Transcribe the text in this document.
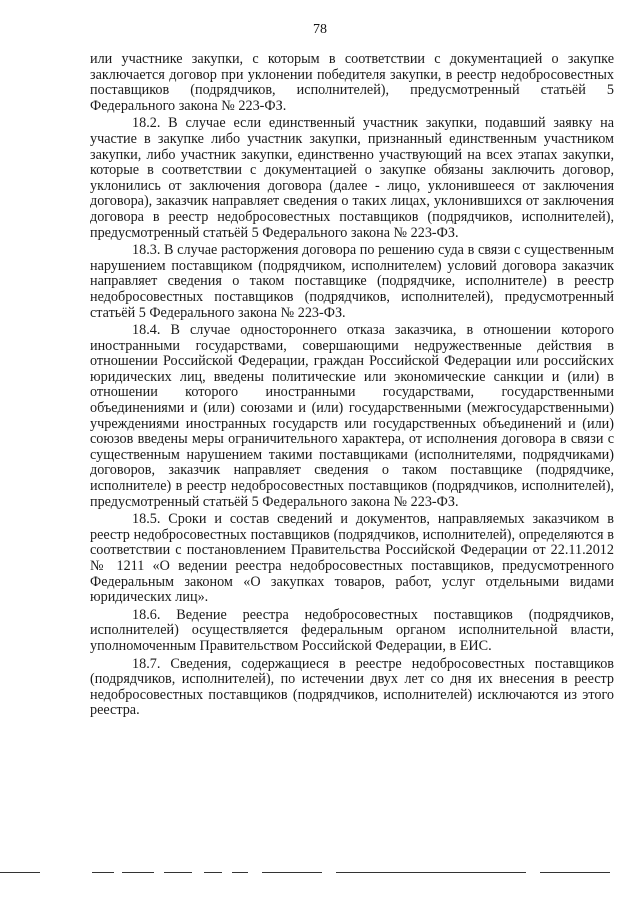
78

или участнике закупки, с которым в соответствии с документацией о закупке заключается договор при уклонении победителя закупки, в реестр недобросовестных поставщиков (подрядчиков, исполнителей), предусмотренный статьёй 5 Федерального закона № 223-ФЗ.

18.2. В случае если единственный участник закупки, подавший заявку на участие в закупке либо участник закупки, признанный единственным участником закупки, либо участник закупки, единственно участвующий на всех этапах закупки, которые в соответствии с документацией о закупке обязаны заключить договор, уклонились от заключения договора (далее - лицо, уклонившееся от заключения договора), заказчик направляет сведения о таких лицах, уклонившихся от заключения договора в реестр недобросовестных поставщиков (подрядчиков, исполнителей), предусмотренный статьёй 5 Федерального закона № 223-ФЗ.

18.3. В случае расторжения договора по решению суда в связи с существенным нарушением поставщиком (подрядчиком, исполнителем) условий договора заказчик направляет сведения о таком поставщике (подрядчике, исполнителе) в реестр недобросовестных поставщиков (подрядчиков, исполнителей), предусмотренный статьёй 5 Федерального закона № 223-ФЗ.

18.4. В случае одностороннего отказа заказчика, в отношении которого иностранными государствами, совершающими недружественные действия в отношении Российской Федерации, граждан Российской Федерации или российских юридических лиц, введены политические или экономические санкции и (или) в отношении которого иностранными государствами, государственными объединениями и (или) союзами и (или) государственными (межгосударственными) учреждениями иностранных государств или государственных объединений и (или) союзов введены меры ограничительного характера, от исполнения договора в связи с существенным нарушением такими поставщиками (исполнителями, подрядчиками) договоров, заказчик направляет сведения о таком поставщике (подрядчике, исполнителе) в реестр недобросовестных поставщиков (подрядчиков, исполнителей), предусмотренный статьёй 5 Федерального закона № 223-ФЗ.

18.5. Сроки и состав сведений и документов, направляемых заказчиком в реестр недобросовестных поставщиков (подрядчиков, исполнителей), определяются в соответствии с постановлением Правительства Российской Федерации от 22.11.2012 № 1211 «О ведении реестра недобросовестных поставщиков, предусмотренного Федеральным законом «О закупках товаров, работ, услуг отдельными видами юридических лиц».

18.6. Ведение реестра недобросовестных поставщиков (подрядчиков, исполнителей) осуществляется федеральным органом исполнительной власти, уполномоченным Правительством Российской Федерации, в ЕИС.

18.7. Сведения, содержащиеся в реестре недобросовестных поставщиков (подрядчиков, исполнителей), по истечении двух лет со дня их внесения в реестр недобросовестных поставщиков (подрядчиков, исполнителей) исключаются из этого реестра.
